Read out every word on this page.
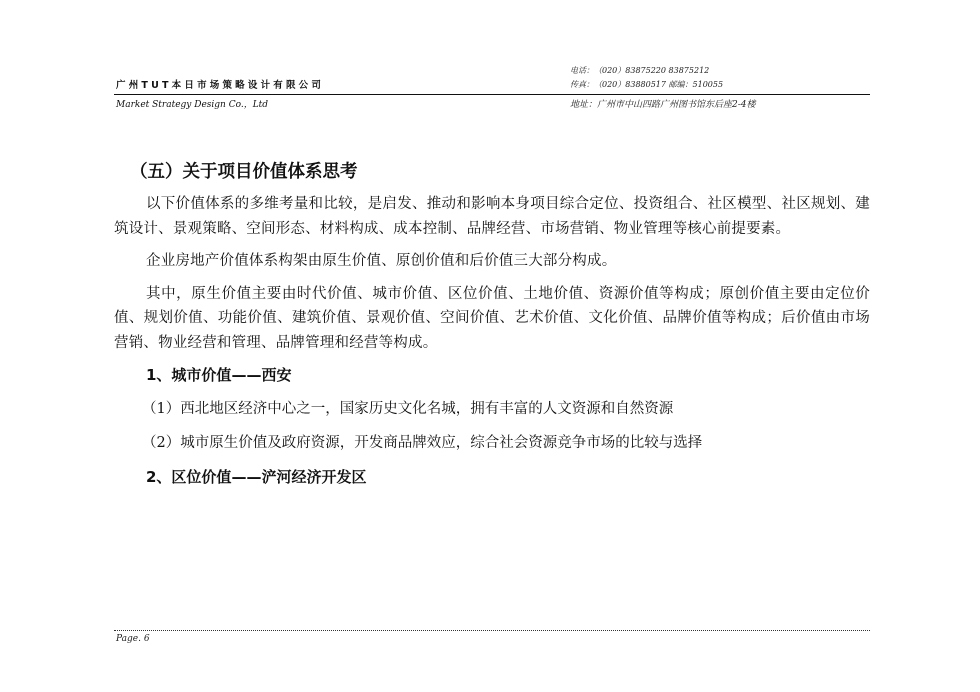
电话：（020）83875220 83875212
广州TUT本日市场策略设计有限公司	传真：（020）83880517 邮编：510055
Market Strategy Design Co.，Ltd	地址：广州市中山四路广州图书馆东后座2-4楼
（五）关于项目价值体系思考

以下价值体系的多维考量和比较，是启发、推动和影响本身项目综合定位、投资组合、社区模型、社区规划、建筑设计、景观策略、空间形态、材料构成、成本控制、品牌经营、市场营销、物业管理等核心前提要素。

企业房地产价值体系构架由原生价值、原创价值和后价值三大部分构成。

其中，原生价值主要由时代价值、城市价值、区位价值、土地价值、资源价值等构成；原创价值主要由定位价值、规划价值、功能价值、建筑价值、景观价值、空间价值、艺术价值、文化价值、品牌价值等构成；后价值由市场营销、物业经营和管理、品牌管理和经营等构成。

1、城市价值——西安
（1）西北地区经济中心之一，国家历史文化名城，拥有丰富的人文资源和自然资源
（2）城市原生价值及政府资源，开发商品牌效应，综合社会资源竞争市场的比较与选择
2、区位价值——浐河经济开发区
Page. 6
